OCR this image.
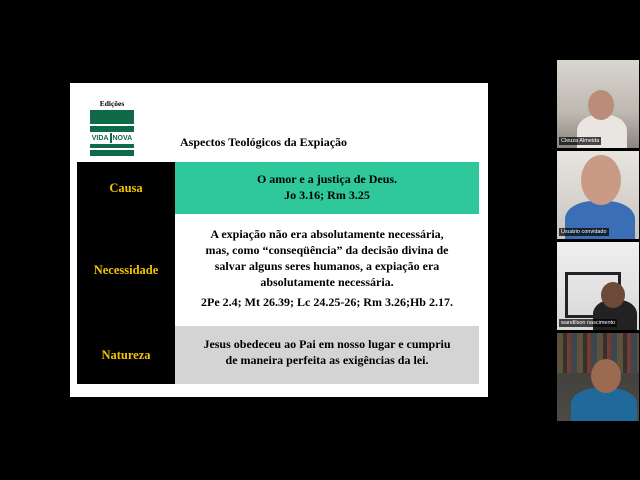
Edições
VIDA NOVA	Aspectos Teológicos da Expiação
Causa
O amor e a justiça de Deus.
Jo 3.16; Rm 3.25
Necessidade
A expiação não era absolutamente necessária,
mas, como “conseqüência” da decisão divina de
salvar alguns seres humanos, a expiação era
absolutamente necessária.
2Pe 2.4; Mt 26.39; Lc 24.25-26; Rm 3.26;Hb 2.17.
Natureza
Jesus obedeceu ao Pai em nosso lugar e cumpriu
de maneira perfeita as exigências da lei.
Cleuza Almeida
Usuário convidado
wandilson nascimento
